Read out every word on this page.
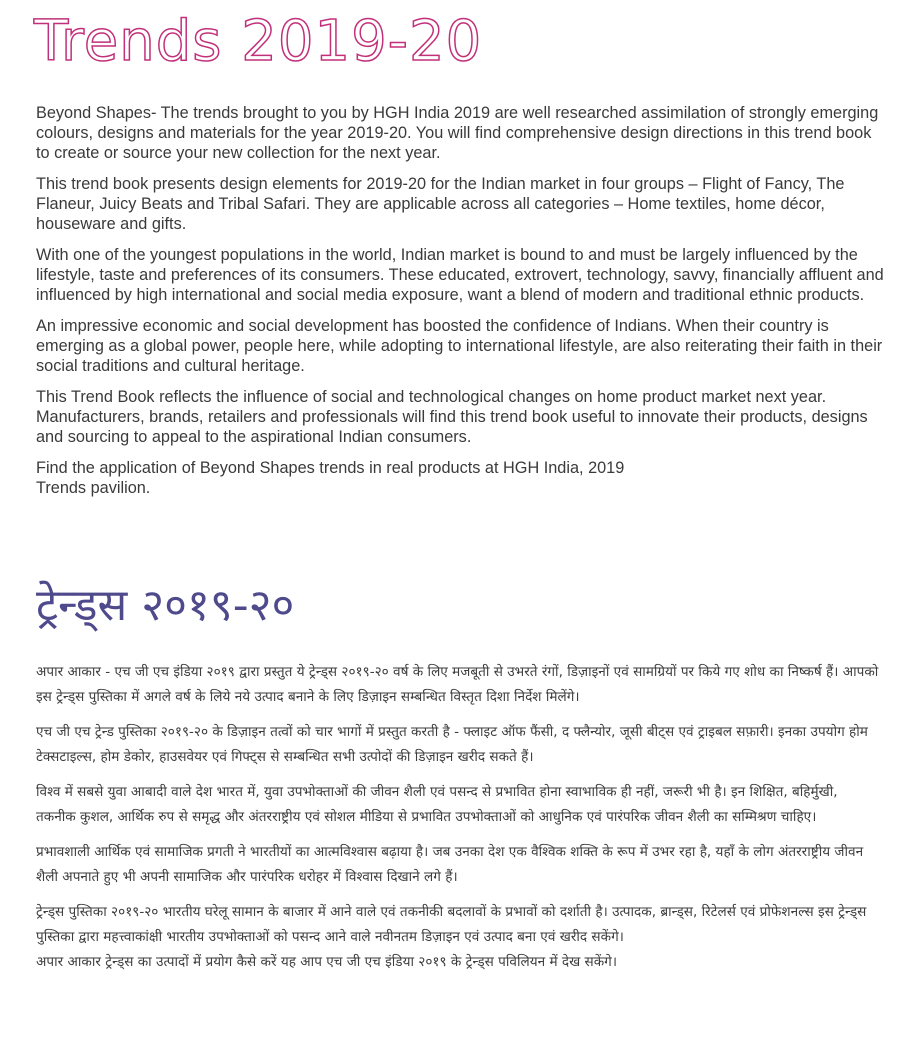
Trends 2019-20

Beyond Shapes- The trends brought to you by HGH India 2019 are well researched assimilation of strongly emerging colours, designs and materials for the year 2019-20. You will find comprehensive design directions in this trend book to create or source your new collection for the next year.

This trend book presents design elements for 2019-20 for the Indian market in four groups – Flight of Fancy, The Flaneur, Juicy Beats and Tribal Safari. They are applicable across all categories – Home textiles, home décor, houseware and gifts.

With one of the youngest populations in the world, Indian market is bound to and must be largely influenced by the lifestyle, taste and preferences of its consumers. These educated, extrovert, technology, savvy, financially affluent and influenced by high international and social media exposure, want a blend of modern and traditional ethnic products.

An impressive economic and social development has boosted the confidence of Indians. When their country is emerging as a global power, people here, while adopting to international lifestyle, are also reiterating their faith in their social traditions and cultural heritage.

This Trend Book reflects the influence of social and technological changes on home product market next year. Manufacturers, brands, retailers and professionals will find this trend book useful to innovate their products, designs and sourcing to appeal to the aspirational Indian consumers.

Find the application of Beyond Shapes trends in real products at HGH India, 2019 Trends pavilion.

ट्रेन्ड्स २०१९-२०

अपार आकार - एच जी एच इंडिया २०१९ द्वारा प्रस्तुत ये ट्रेन्ड्स २०१९-२० वर्ष के लिए मजबूती से उभरते रंगों, डिज़ाइनों एवं सामग्रियों पर किये गए शोध का निष्कर्ष हैं। आपको इस ट्रेन्ड्स पुस्तिका में अगले वर्ष के लिये नये उत्पाद बनाने के लिए डिज़ाइन सम्बन्धित विस्तृत दिशा निर्देश मिलेंगे।

एच जी एच ट्रेन्ड पुस्तिका २०१९-२० के डिज़ाइन तत्वों को चार भागों में प्रस्तुत करती है - फ्लाइट ऑफ फैंसी, द फ्लैन्योर, जूसी बीट्स एवं ट्राइबल सफ़ारी। इनका उपयोग होम टेक्सटाइल्स, होम डेकोर, हाउसवेयर एवं गिफ्ट्स से सम्बन्धित सभी उत्पोदों की डिज़ाइन खरीद सकते हैं।

विश्व में सबसे युवा आबादी वाले देश भारत में, युवा उपभोक्ताओं की जीवन शैली एवं पसन्द से प्रभावित होना स्वाभाविक ही नहीं, जरूरी भी है। इन शिक्षित, बहिर्मुखी, तकनीक कुशल, आर्थिक रुप से समृद्ध और अंतरराष्ट्रीय एवं सोशल मीडिया से प्रभावित उपभोक्ताओं को आधुनिक एवं पारंपरिक जीवन शैली का सम्मिश्रण चाहिए।

प्रभावशाली आर्थिक एवं सामाजिक प्रगती ने भारतीयों का आत्मविश्वास बढ़ाया है। जब उनका देश एक वैश्विक शक्ति के रूप में उभर रहा है, यहाँ के लोग अंतरराष्ट्रीय जीवन शैली अपनाते हुए भी अपनी सामाजिक और पारंपरिक धरोहर में विश्वास दिखाने लगे हैं।

ट्रेन्ड्स पुस्तिका २०१९-२० भारतीय घरेलू सामान के बाजार में आने वाले एवं तकनीकी बदलावों के प्रभावों को दर्शाती है। उत्पादक, ब्रान्ड्स, रिटेलर्स एवं प्रोफेशनल्स इस ट्रेन्ड्स पुस्तिका द्वारा महत्त्वाकांक्षी भारतीय उपभोक्ताओं को पसन्द आने वाले नवीनतम डिज़ाइन एवं उत्पाद बना एवं खरीद सकेंगे।

अपार आकार ट्रेन्ड्स का उत्पादों में प्रयोग कैसे करें यह आप एच जी एच इंडिया २०१९ के ट्रेन्ड्स पविलियन में देख सकेंगे।
